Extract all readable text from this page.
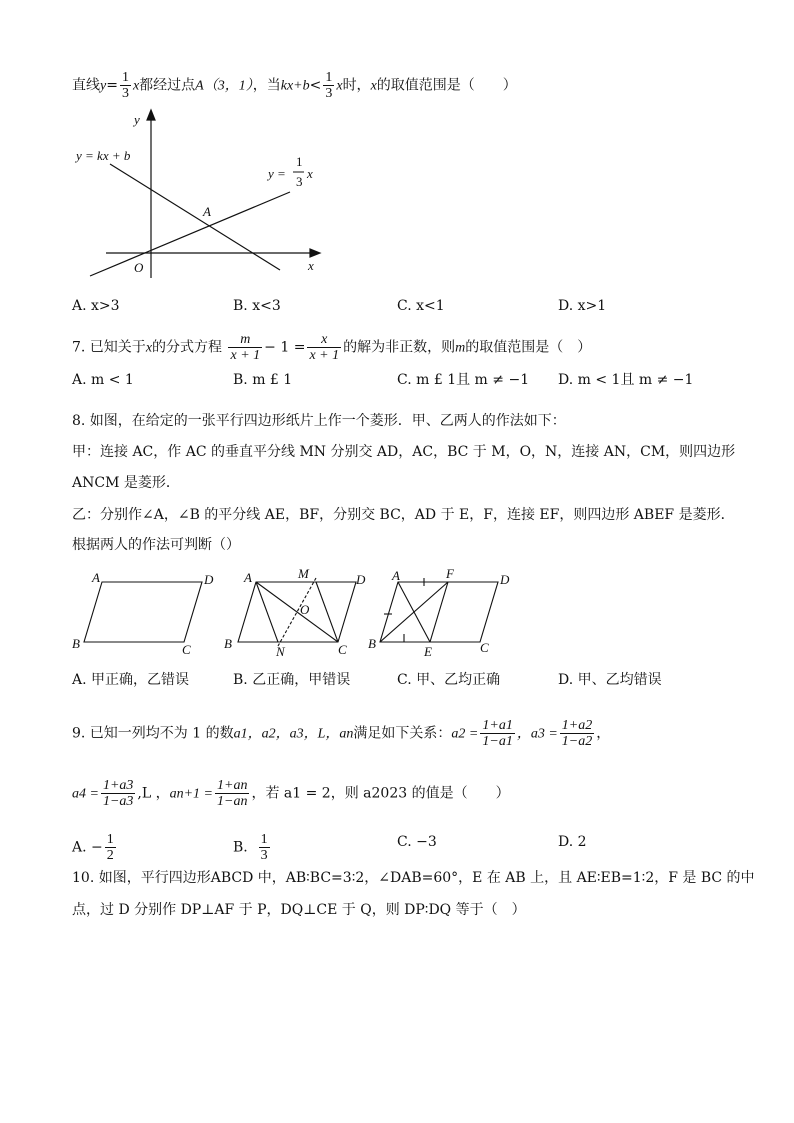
直线$y= \frac{1}{3}$ x都经过点A（3，1），当$kx+b< \frac{1}{3}$ x时，x的取值范围是（　　）
y
x
O
A
y = kx + b
y =
1
3
x
A. x>3	B. x<3	C. x<1	D. x>1
7. 已知关于x的分式方程 $\frac{m}{x + 1} - 1 = \frac{x}{x + 1}$ 的解为非正数，则m的取值范围是（　）
A. m < 1	B. m £ 1	C. m £ 1且 m ≠ −1 D. m < 1且 m ≠ −1
8. 如图，在给定的一张平行四边形纸片上作一个菱形．甲、乙两人的作法如下：
甲：连接 AC，作 AC 的垂直平分线 MN 分别交 AD，AC，BC 于 M，O，N，连接 AN，CM，则四边形
ANCM 是菱形．
乙：分别作∠A，∠B 的平分线 AE，BF，分别交 BC，AD 于 E，F，连接 EF，则四边形 ABEF 是菱形．
根据两人的作法可判断（）
A	D
B	C
A	M	D
O
B
N	C
A	F	D
B
E	C
A. 甲正确，乙错误	B. 乙正确，甲错误	C. 甲、乙均正确	D. 甲、乙均错误
9. 已知一列均不为 1 的数a1，a2，a3，L，an满足如下关系：$a2 = \frac{1+a1}{1-a1}$ ，$a3 = \frac{1+a2}{1-a2}$ ，
$a4 = \frac{1+a3}{1-a3} ,L$ ，$an+1 = \frac{1+an}{1-an}$ ，若 a1 = 2，则 a2023 的值是（　　）
A. − $\frac{1}{2}$	B. $\frac{1}{3}$	C. −3	D. 2
10. 如图，平行四边形ABCD 中，AB∶BC=3∶2，∠DAB=60°，E 在 AB 上，且 AE∶EB=1∶2，F 是 BC 的中
点，过 D 分别作 DP⊥AF 于 P，DQ⊥CE 于 Q，则 DP∶DQ 等于（　）
